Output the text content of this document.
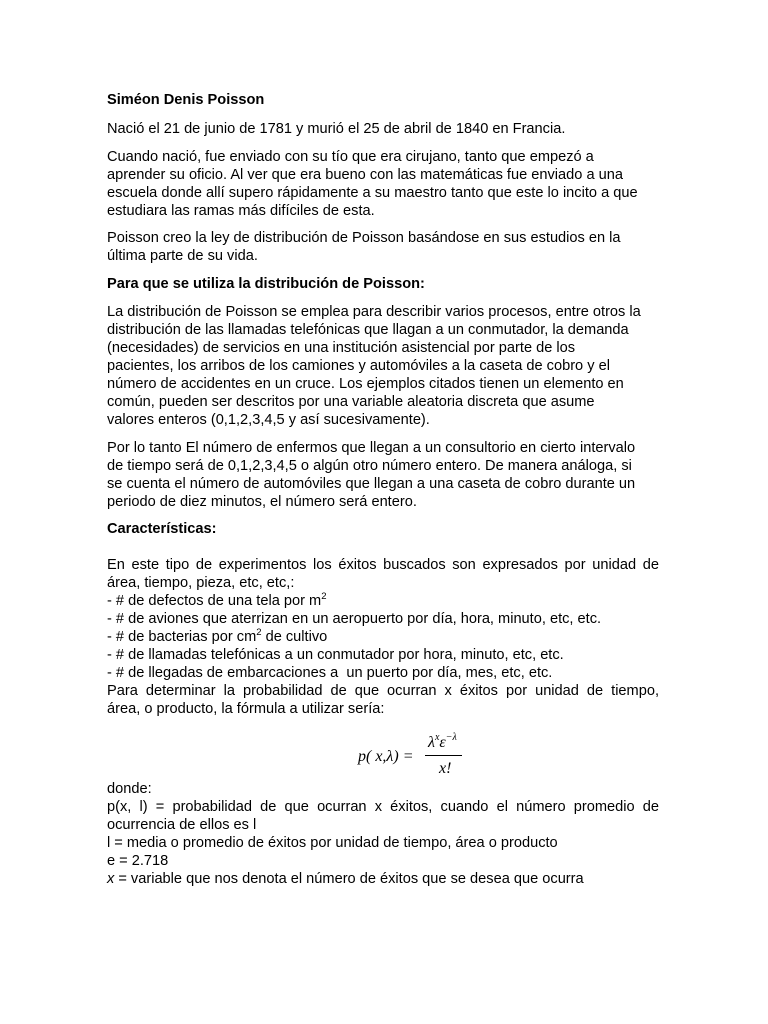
Siméon Denis Poisson
Nació el 21 de junio de 1781 y murió el 25 de abril de 1840 en Francia.
Cuando nació, fue enviado con su tío que era cirujano, tanto que empezó a
aprender su oficio. Al ver que era bueno con las matemáticas fue enviado a una
escuela donde allí supero rápidamente a su maestro tanto que este lo incito a que
estudiara las ramas más difíciles de esta.
Poisson creo la ley de distribución de Poisson basándose en sus estudios en la
última parte de su vida.
Para que se utiliza la distribución de Poisson:
La distribución de Poisson se emplea para describir varios procesos, entre otros la
distribución de las llamadas telefónicas que llagan a un conmutador, la demanda
(necesidades) de servicios en una institución asistencial por parte de los
pacientes, los arribos de los camiones y automóviles a la caseta de cobro y el
número de accidentes en un cruce. Los ejemplos citados tienen un elemento en
común, pueden ser descritos por una variable aleatoria discreta que asume
valores enteros (0,1,2,3,4,5 y así sucesivamente).
Por lo tanto El número de enfermos que llegan a un consultorio en cierto intervalo
de tiempo será de 0,1,2,3,4,5 o algún otro número entero. De manera análoga, si
se cuenta el número de automóviles que llegan a una caseta de cobro durante un
periodo de diez minutos, el número será entero.
Características:
En este tipo de experimentos los éxitos buscados son expresados por unidad de
área, tiempo, pieza, etc, etc,:
- # de defectos de una tela por $m^2$
- # de aviones que aterrizan en un aeropuerto por día, hora, minuto, etc, etc.
- # de bacterias por $cm^2$ de cultivo
- # de llamadas telefónicas a un conmutador por hora, minuto, etc, etc.
- # de llegadas de embarcaciones a  un puerto por día, mes, etc, etc.
Para determinar la probabilidad de que ocurran x éxitos por unidad de tiempo,
área, o producto, la fórmula a utilizar sería:
p( x,λ) =
$\lambda^x\varepsilon^{-\lambda}$
x!
donde:
p(x, l) = probabilidad de que ocurran x éxitos, cuando el número promedio de
ocurrencia de ellos es l
l = media o promedio de éxitos por unidad de tiempo, área o producto
e = 2.718
x = variable que nos denota el número de éxitos que se desea que ocurra
